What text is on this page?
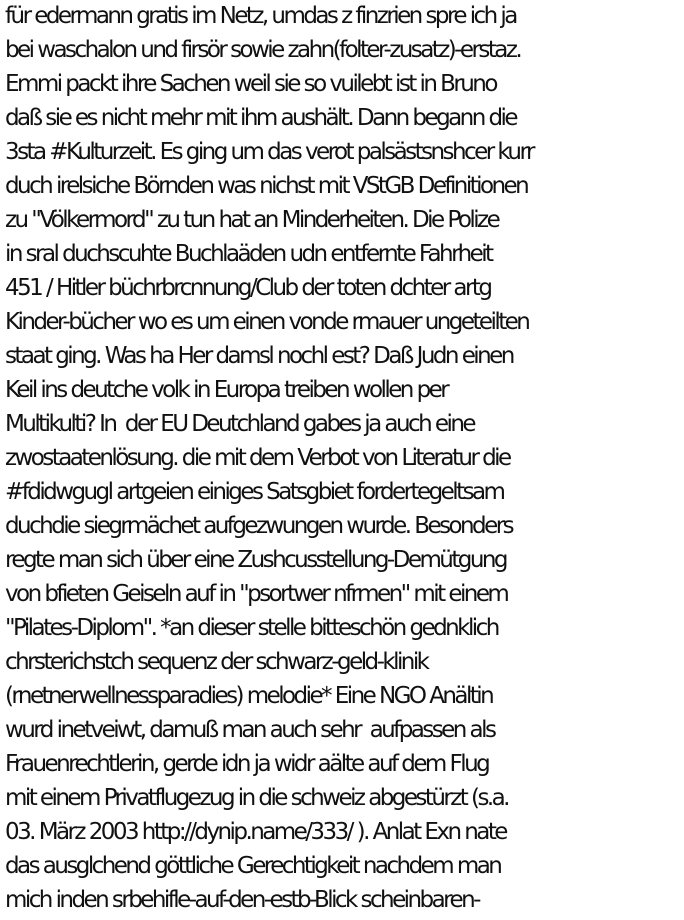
für edermann gratis im Netz, umdas z finzrien spre ich ja
bei waschalon und firsör sowie zahn(folter-zusatz)-erstaz.
Emmi packt ihre Sachen weil sie so vuilebt ist in Bruno
daß sie es nicht mehr mit ihm aushält. Dann begann die
3sta #Kulturzeit. Es ging um das verot palsästsnshcer kurr
duch irelsiche Börnden was nichst mit VStGB Definitionen
zu "Völkermord" zu tun hat an Minderheiten. Die Polize
in sral duchscuhte Buchlaäden udn entfernte Fahrheit
451 / Hitler büchrbrcnnung/Club der toten dchter artg
Kinder-bücher wo es um einen vonde rmauer ungeteilten
staat ging. Was ha Her damsl nochl est? Daß Judn einen
Keil ins deutche volk in Europa treiben wollen per
Multikulti? In  der EU Deutchland gabes ja auch eine
zwostaatenlösung. die mit dem Verbot von Literatur die
#fdidwgugl artgeien einiges Satsgbiet fordertegeltsam
duchdie siegrmächet aufgezwungen wurde. Besonders
regte man sich über eine Zushcusstellung-Demütgung
von bfieten Geiseln auf in "psortwer nfrmen" mit einem
"Pilates-Diplom". *an dieser stelle bitteschön gednklich
chrsterichstch sequenz der schwarz-geld-klinik
(rnetnerwellnessparadies) melodie* Eine NGO Anältin
wurd inetveiwt, damuß man auch sehr  aufpassen als
Frauenrechtlerin, gerde idn ja widr aälte auf dem Flug
mit einem Privatflugezug in die schweiz abgestürzt (s.a.
03. März 2003 http://dynip.name/333/ ). Anlat Exn nate
das ausglchend göttliche Gerechtigkeit nachdem man
mich inden srbehifle-auf-den-estb-Blick scheinbaren-
